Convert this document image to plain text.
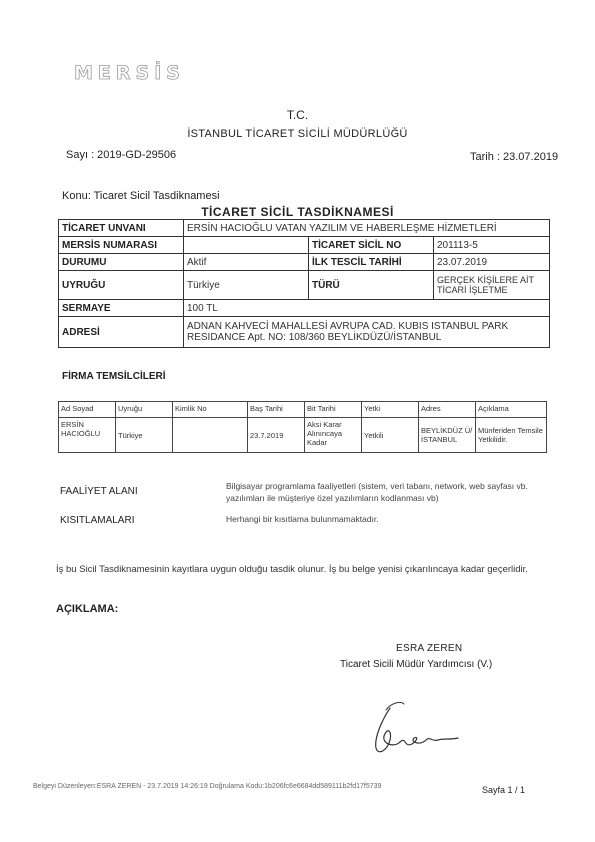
MERSİS
T.C.
İSTANBUL TİCARET SİCİLİ MÜDÜRLÜĞÜ
Sayı : 2019-GD-29506	Tarih : 23.07.2019
Konu: Ticaret Sicil Tasdiknamesi
TİCARET SİCİL TASDİKNAMESİ
TİCARET UNVANI	ERSİN HACIOĞLU VATAN YAZILIM VE HABERLEŞME HİZMETLERİ		
MERSİS NUMARASI		TİCARET SİCİL NO	201113-5
DURUMU	Aktif	İLK TESCİL TARİHİ	23.07.2019
UYRUĞU	Türkiye	TÜRÜ	GERÇEK KİŞİLERE AİT TİCARİ İŞLETME
SERMAYE	100 TL		
ADRESİ	ADNAN KAHVECİ MAHALLESİ AVRUPA CAD. KUBIS ISTANBUL PARK RESIDANCE Apt. NO: 108/360 BEYLİKDÜZÜ/İSTANBUL		
FİRMA TEMSİLCİLERİ
Ad Soyad	Uyruğu	Kimlik No	Baş Tarihi	Bit Tarihi	Yetki	Adres	Açıklama
ERSİN HACIOĞLU	Türkiye		23.7.2019	Aksi Karar Alınıncaya Kadar	Yetkili	BEYLİKDÜZ Ü/İSTANBUL	Münferiden Temsile Yetkilidir.
FAALİYET ALANI	Bilgisayar programlama faaliyetleri (sistem, veri tabanı, network, web sayfası vb. yazılımları ile müşteriye özel yazılımların kodlanması vb)
KISITLAMALARI	Herhangi bir kısıtlama bulunmamaktadır.
İş bu Sicil Tasdiknamesinin kayıtlara uygun olduğu tasdik olunur. İş bu belge yenisi çıkarılıncaya kadar geçerlidir.
AÇIKLAMA:
ESRA ZEREN
Ticaret Sicili Müdür Yardımcısı (V.)
Belgeyi Düzenleyen:ESRA ZEREN - 23.7.2019 14:26:19 Doğrulama Kodu:1b206fc6e6684dd589111b2fd17f5739	Sayfa 1 / 1
